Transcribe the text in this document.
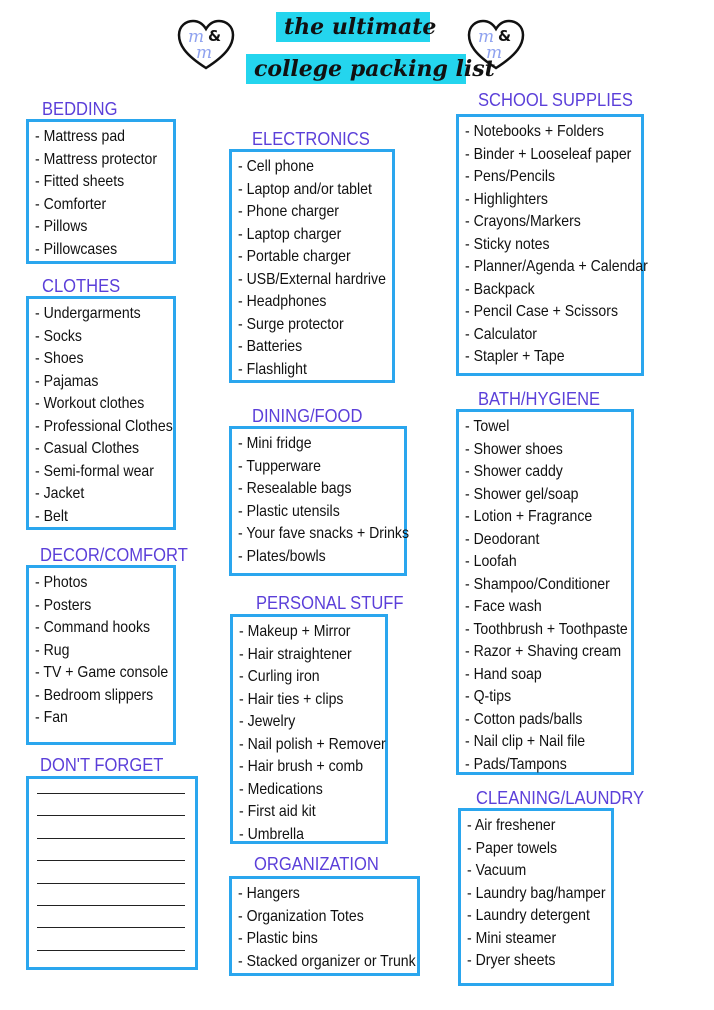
m &
m
m &
m
the ultimate
college packing list
BEDDING
- Mattress pad
- Mattress protector
- Fitted sheets
- Comforter
- Pillows
- Pillowcases
CLOTHES
- Undergarments
- Socks
- Shoes
- Pajamas
- Workout clothes
- Professional Clothes
- Casual Clothes
- Semi-formal wear
- Jacket
- Belt
DECOR/COMFORT
- Photos
- Posters
- Command hooks
- Rug
- TV + Game console
- Bedroom slippers
- Fan
DON'T FORGET
ELECTRONICS
- Cell phone
- Laptop and/or tablet
- Phone charger
- Laptop charger
- Portable charger
- USB/External hardrive
- Headphones
- Surge protector
- Batteries
- Flashlight
DINING/FOOD
- Mini fridge
- Tupperware
- Resealable bags
- Plastic utensils
- Your fave snacks + Drinks
- Plates/bowls
PERSONAL STUFF
- Makeup + Mirror
- Hair straightener
- Curling iron
- Hair ties + clips
- Jewelry
- Nail polish + Remover
- Hair brush + comb
- Medications
- First aid kit
- Umbrella
ORGANIZATION
- Hangers
- Organization Totes
- Plastic bins
- Stacked organizer or Trunk
SCHOOL SUPPLIES
- Notebooks + Folders
- Binder + Looseleaf paper
- Pens/Pencils
- Highlighters
- Crayons/Markers
- Sticky notes
- Planner/Agenda + Calendar
- Backpack
- Pencil Case + Scissors
- Calculator
- Stapler + Tape
BATH/HYGIENE
- Towel
- Shower shoes
- Shower caddy
- Shower gel/soap
- Lotion + Fragrance
- Deodorant
- Loofah
- Shampoo/Conditioner
- Face wash
- Toothbrush + Toothpaste
- Razor + Shaving cream
- Hand soap
- Q-tips
- Cotton pads/balls
- Nail clip + Nail file
- Pads/Tampons
CLEANING/LAUNDRY
- Air freshener
- Paper towels
- Vacuum
- Laundry bag/hamper
- Laundry detergent
- Mini steamer
- Dryer sheets
